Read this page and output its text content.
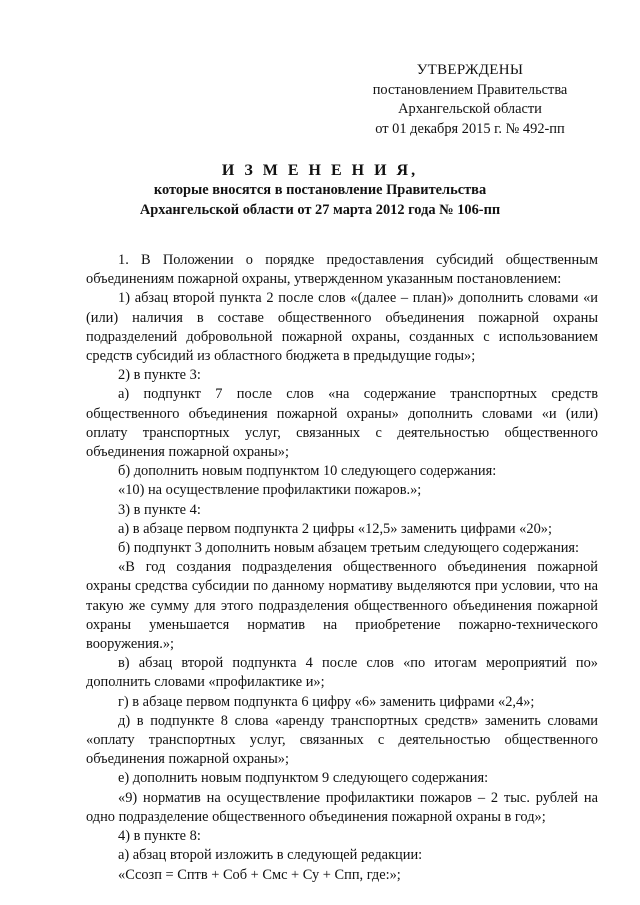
УТВЕРЖДЕНЫ
постановлением Правительства
Архангельской области
от 01 декабря 2015 г. № 492-пп
И З М Е Н Е Н И Я,
которые вносятся в постановление Правительства
Архангельской области от 27 марта 2012 года № 106-пп

1. В Положении о порядке предоставления субсидий общественным объединениям пожарной охраны, утвержденном указанным постановлением:

1) абзац второй пункта 2 после слов «(далее – план)» дополнить словами «и (или) наличия в составе общественного объединения пожарной охраны подразделений добровольной пожарной охраны, созданных с использованием средств субсидий из областного бюджета в предыдущие годы»;

2) в пункте 3:

а) подпункт 7 после слов «на содержание транспортных средств общественного объединения пожарной охраны» дополнить словами «и (или) оплату транспортных услуг, связанных с деятельностью общественного объединения пожарной охраны»;

б) дополнить новым подпунктом 10 следующего содержания:

«10) на осуществление профилактики пожаров.»;

3) в пункте 4:

а) в абзаце первом подпункта 2 цифры «12,5» заменить цифрами «20»;

б) подпункт 3 дополнить новым абзацем третьим следующего содержания:

«В год создания подразделения общественного объединения пожарной охраны средства субсидии по данному нормативу выделяются при условии, что на такую же сумму для этого подразделения общественного объединения пожарной охраны уменьшается норматив на приобретение пожарно-технического вооружения.»;

в) абзац второй подпункта 4 после слов «по итогам мероприятий по» дополнить словами «профилактике и»;

г) в абзаце первом подпункта 6 цифру «6» заменить цифрами «2,4»;

д) в подпункте 8 слова «аренду транспортных средств» заменить словами «оплату транспортных услуг, связанных с деятельностью общественного объединения пожарной охраны»;

е) дополнить новым подпунктом 9 следующего содержания:

«9) норматив на осуществление профилактики пожаров – 2 тыс. рублей на одно подразделение общественного объединения пожарной охраны в год»;

4) в пункте 8:

а) абзац второй изложить в следующей редакции:

«Ссозп = Сптв + Соб + Смс + Су + Спп, где:»;
